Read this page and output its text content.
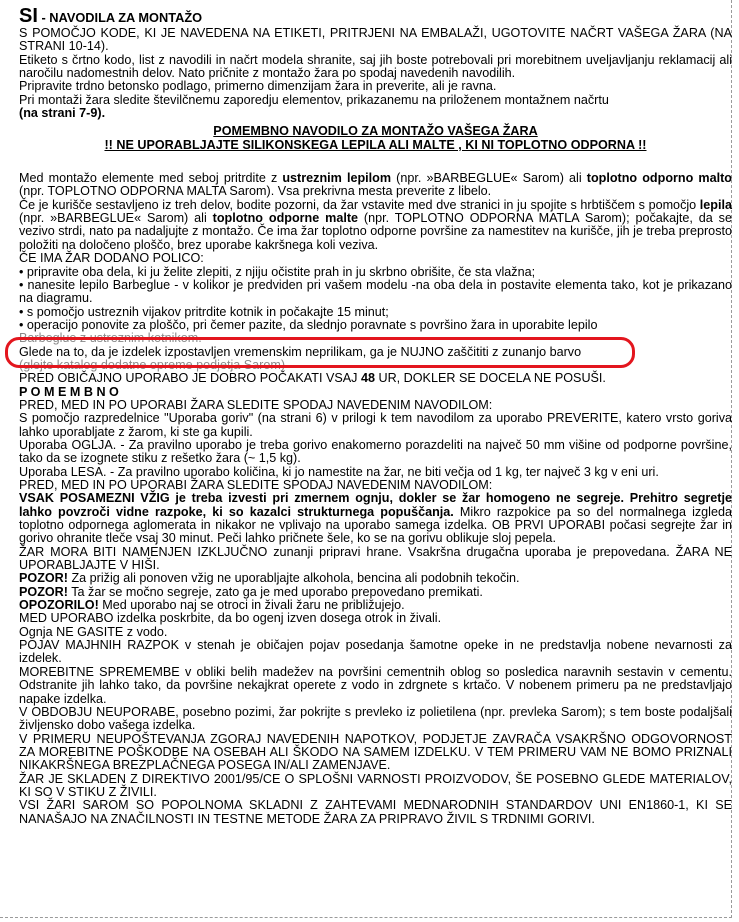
SI - NAVODILA ZA MONTAŽO

S POMOČJO KODE, KI JE NAVEDENA NA ETIKETI, PRITRJENI NA EMBALAŽI, UGOTOVITE NAČRT VAŠEGA ŽARA (NA STRANI 10-14).

Etiketo s črtno kodo, list z navodili in načrt modela shranite, saj jih boste potrebovali pri morebitnem uveljavljanju reklamacij ali naročilu nadomestnih delov. Nato pričnite z montažo žara po spodaj navedenih navodilih.

Pripravite trdno betonsko podlago, primerno dimenzijam žara in preverite, ali je ravna.

Pri montaži žara sledite številčnemu zaporedju elementov, prikazanemu na priloženem montažnem načrtu

(na strani 7-9).

POMEMBNO NAVODILO ZA MONTAŽO VAŠEGA ŽARA

!! NE UPORABLJAJTE SILIKONSKEGA LEPILA ALI MALTE , KI NI TOPLOTNO ODPORNA !!

Med montažo elemente med seboj pritrdite z ustreznim lepilom (npr. »BARBEGLUE« Sarom) ali toplotno odporno malto (npr. TOPLOTNO ODPORNA MALTA Sarom). Vsa prekrivna mesta preverite z libelo.

Če je kurišče sestavljeno iz treh delov, bodite pozorni, da žar vstavite med dve stranici in ju spojite s hrbtiščem s pomočjo lepila (npr. »BARBEGLUE« Sarom) ali toplotno odporne malte (npr. TOPLOTNO ODPORNA MATLA Sarom); počakajte, da se vezivo strdi, nato pa nadaljujte z montažo. Če ima žar toplotno odporne površine za namestitev na kurišče, jih je treba preprosto položiti na določeno ploščo, brez uporabe kakršnega koli veziva.

ČE IMA ŽAR DODANO POLICO:

• pripravite oba dela, ki ju želite zlepiti, z njiju očistite prah in ju skrbno obrišite, če sta vlažna;

• nanesite lepilo Barbeglue - v kolikor je predviden pri vašem modelu -na oba dela in postavite elementa tako, kot je prikazano na diagramu.

• s pomočjo ustreznih vijakov pritrdite kotnik in počakajte 15 minut;

• operacijo ponovite za ploščo, pri čemer pazite, da slednjo poravnate s površino žara in uporabite lepilo

Barbeglue z ustreznim kotnikom.

Glede na to, da je izdelek izpostavljen vremenskim neprilikam, ga je NUJNO zaščititi z zunanjo barvo

(glejte katalog dodatne opreme podjetja Sarom)

PRED OBIČAJNO UPORABO JE DOBRO POČAKATI VSAJ 48 UR, DOKLER SE DOCELA NE POSUŠI.

P O M E M B N O

PRED, MED IN PO UPORABI ŽARA SLEDITE SPODAJ NAVEDENIM NAVODILOM:

S pomočjo razpredelnice "Uporaba goriv" (na strani 6) v prilogi k tem navodilom za uporabo PREVERITE, katero vrsto goriva lahko uporabljate z žarom, ki ste ga kupili.

Uporaba OGLJA. - Za pravilno uporabo je treba gorivo enakomerno porazdeliti na največ 50 mm višine od podporne površine, tako da se izognete stiku z rešetko žara (~ 1,5 kg).

Uporaba LESA. - Za pravilno uporabo količina, ki jo namestite na žar, ne biti večja od 1 kg, ter največ 3 kg v eni uri.

PRED, MED IN PO UPORABI ŽARA SLEDITE SPODAJ NAVEDENIM NAVODILOM:

VSAK POSAMEZNI VŽIG je treba izvesti pri zmernem ognju, dokler se žar homogeno ne segreje. Prehitro segretje lahko povzroči vidne razpoke, ki so kazalci strukturnega popuščanja. Mikro razpokice pa so del normalnega izgleda toplotno odpornega aglomerata in nikakor ne vplivajo na uporabo samega izdelka. OB PRVI UPORABI počasi segrejte žar in gorivo ohranite tleče vsaj 30 minut. Peči lahko pričnete šele, ko se na gorivu oblikuje sloj pepela.

ŽAR MORA BITI NAMENJEN IZKLJUČNO zunanji pripravi hrane. Vsakršna drugačna uporaba je prepovedana. ŽARA NE UPORABLJAJTE V HIŠI.

POZOR! Za prižig ali ponoven vžig ne uporabljajte alkohola, bencina ali podobnih tekočin.

POZOR! Ta žar se močno segreje, zato ga je med uporabo prepovedano premikati.

OPOZORILO! Med uporabo naj se otroci in živali žaru ne približujejo.

MED UPORABO izdelka poskrbite, da bo ogenj izven dosega otrok in živali.

Ognja NE GASITE z vodo.

POJAV MAJHNIH RAZPOK v stenah je običajen pojav posedanja šamotne opeke in ne predstavlja nobene nevarnosti za izdelek.

MOREBITNE SPREMEMBE v obliki belih madežev na površini cementnih oblog so posledica naravnih sestavin v cementu. Odstranite jih lahko tako, da površine nekajkrat operete z vodo in zdrgnete s krtačo. V nobenem primeru pa ne predstavljajo napake izdelka.

V OBDOBJU NEUPORABE, posebno pozimi, žar pokrijte s prevleko iz polietilena (npr. prevleka Sarom); s tem boste podaljšali življensko dobo vašega izdelka.

V PRIMERU NEUPOŠTEVANJA ZGORAJ NAVEDENIH NAPOTKOV, PODJETJE ZAVRAČA VSAKRŠNO ODGOVORNOST ZA MOREBITNE POŠKODBE NA OSEBAH ALI ŠKODO NA SAMEM IZDELKU. V TEM PRIMERU VAM NE BOMO PRIZNALI NIKAKRŠNEGA BREZPLAČNEGA POSEGA IN/ALI ZAMENJAVE.

ŽAR JE SKLADEN Z DIREKTIVO 2001/95/CE O SPLOŠNI VARNOSTI PROIZVODOV, ŠE POSEBNO GLEDE MATERIALOV, KI SO V STIKU Z ŽIVILI.

VSI ŽARI SAROM SO POPOLNOMA SKLADNI Z ZAHTEVAMI MEDNARODNIH STANDARDOV UNI EN1860-1, KI SE NANAŠAJO NA ZNAČILNOSTI IN TESTNE METODE ŽARA ZA PRIPRAVO ŽIVIL S TRDNIMI GORIVI.
